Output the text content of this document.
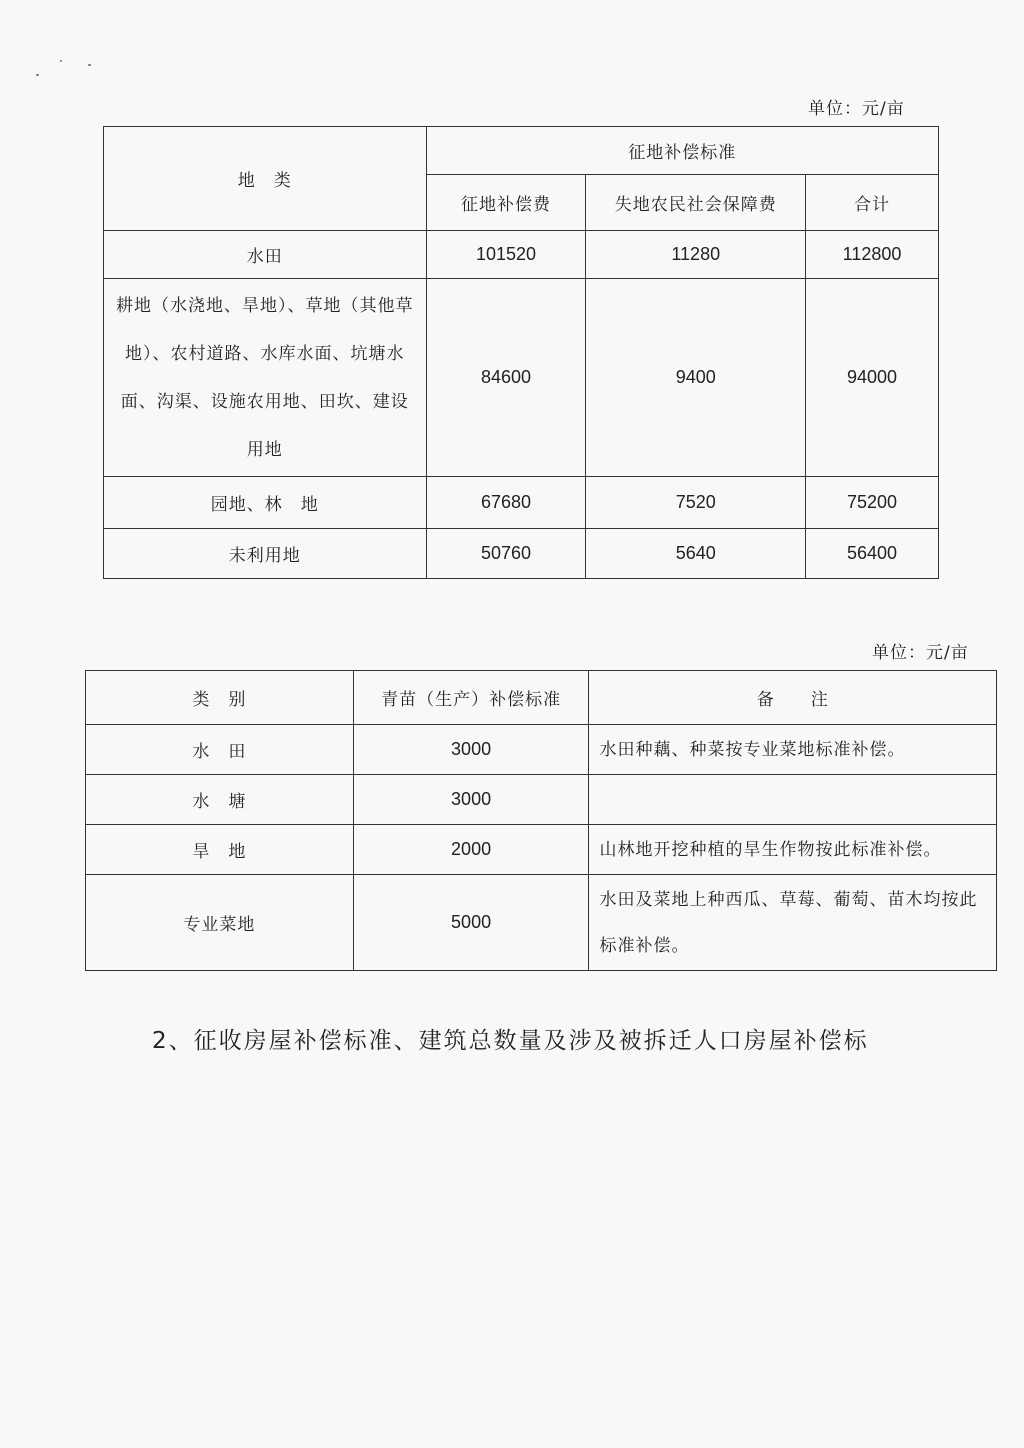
单位：元/亩
地　类	征地补偿标准		
	征地补偿费	失地农民社会保障费	合计
水田	101520	11280	112800
耕地（水浇地、旱地）、草地（其他草地）、农村道路、水库水面、坑塘水面、沟渠、设施农用地、田坎、建设用地	84600	9400	94000
园地、林　地	67680	7520	75200
未利用地	50760	5640	56400
单位：元/亩
类　别	青苗（生产）补偿标准	备　　注
水　田	3000	水田种藕、种菜按专业菜地标准补偿。
水　塘	3000	
旱　地	2000	山林地开挖种植的旱生作物按此标准补偿。
专业菜地	5000	水田及菜地上种西瓜、草莓、葡萄、苗木均按此标准补偿。
2、征收房屋补偿标准、建筑总数量及涉及被拆迁人口房屋补偿标
